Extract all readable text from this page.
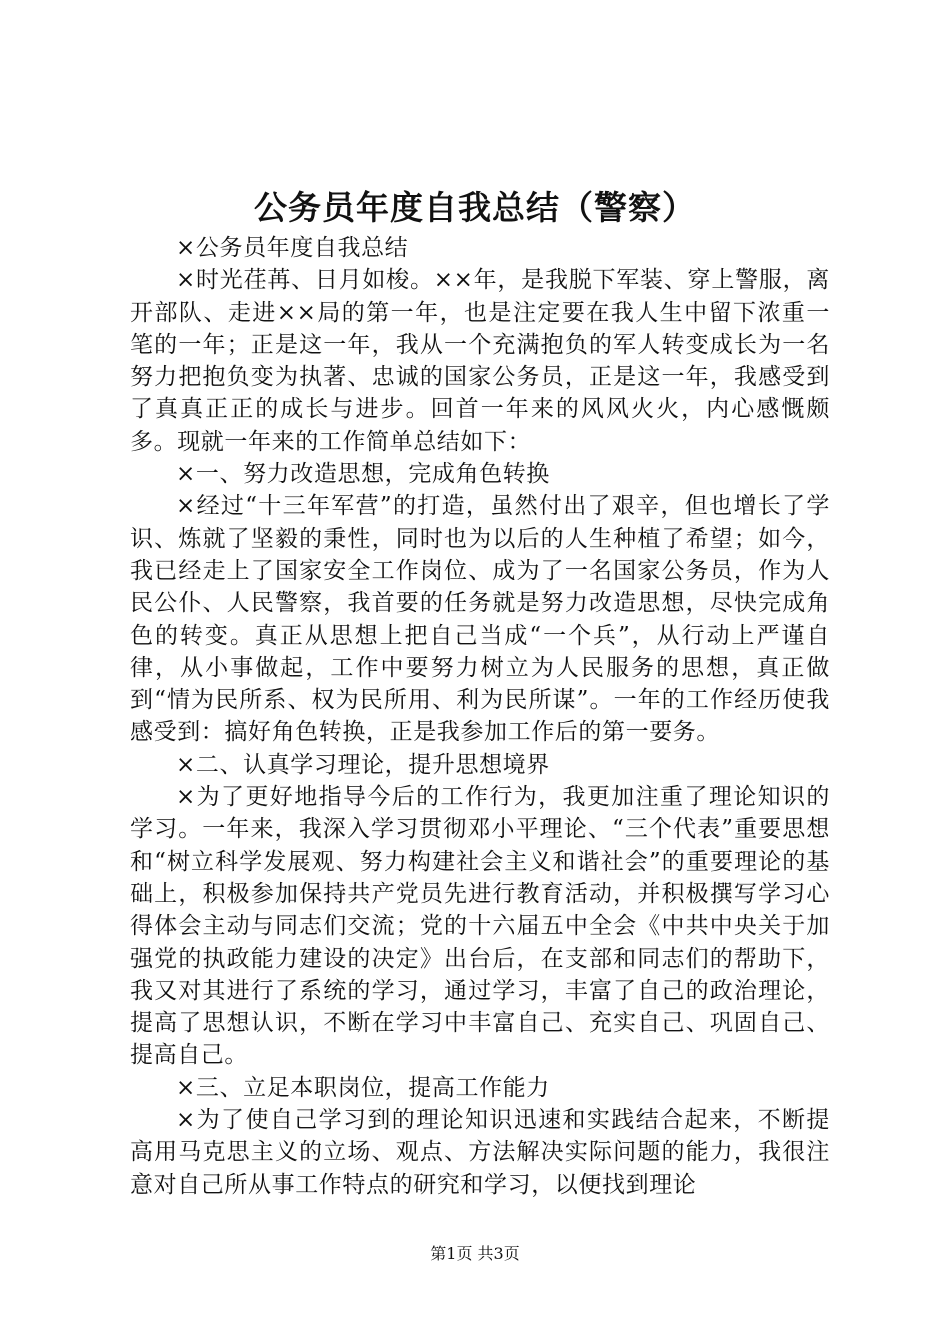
公务员年度自我总结（警察）

×公务员年度自我总结

×时光荏苒、日月如梭。××年，是我脱下军装、穿上警服，离开部队、走进××局的第一年，也是注定要在我人生中留下浓重一笔的一年；正是这一年，我从一个充满抱负的军人转变成长为一名努力把抱负变为执著、忠诚的国家公务员，正是这一年，我感受到了真真正正的成长与进步。回首一年来的风风火火，内心感慨颇多。现就一年来的工作简单总结如下：

×一、努力改造思想，完成角色转换

×经过“十三年军营”的打造，虽然付出了艰辛，但也增长了学识、炼就了坚毅的秉性，同时也为以后的人生种植了希望；如今，我已经走上了国家安全工作岗位、成为了一名国家公务员，作为人民公仆、人民警察，我首要的任务就是努力改造思想，尽快完成角色的转变。真正从思想上把自己当成“一个兵”，从行动上严谨自律，从小事做起，工作中要努力树立为人民服务的思想，真正做到“情为民所系、权为民所用、利为民所谋”。一年的工作经历使我感受到：搞好角色转换，正是我参加工作后的第一要务。

×二、认真学习理论，提升思想境界

×为了更好地指导今后的工作行为，我更加注重了理论知识的学习。一年来，我深入学习贯彻邓小平理论、“三个代表”重要思想和“树立科学发展观、努力构建社会主义和谐社会”的重要理论的基础上，积极参加保持共产党员先进行教育活动，并积极撰写学习心得体会主动与同志们交流；党的十六届五中全会《中共中央关于加强党的执政能力建设的决定》出台后，在支部和同志们的帮助下，我又对其进行了系统的学习，通过学习，丰富了自己的政治理论，提高了思想认识，不断在学习中丰富自己、充实自己、巩固自己、提高自己。

×三、立足本职岗位，提高工作能力

×为了使自己学习到的理论知识迅速和实践结合起来，不断提高用马克思主义的立场、观点、方法解决实际问题的能力，我很注意对自己所从事工作特点的研究和学习，以便找到理论

第1页 共3页
